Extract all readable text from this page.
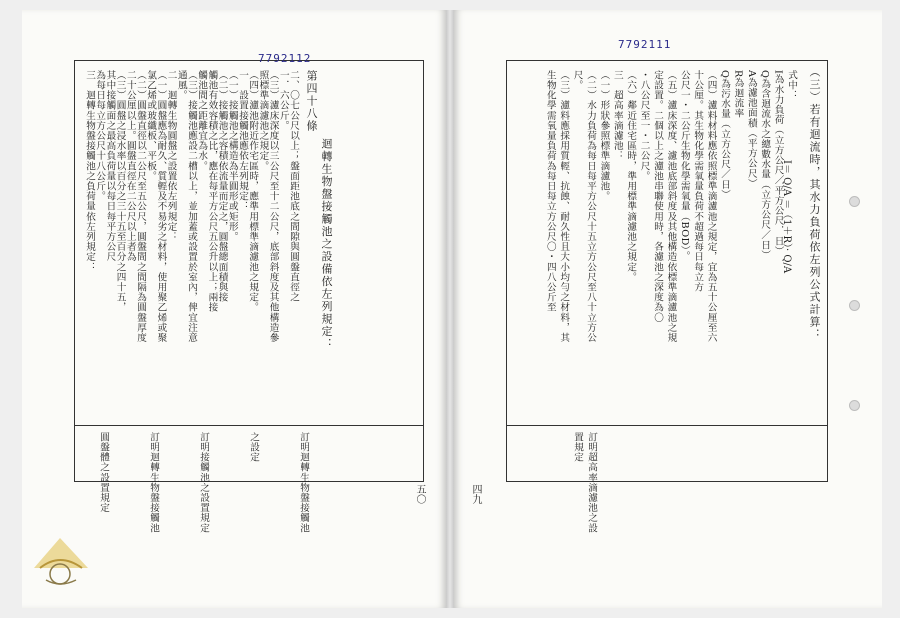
7792112
7792111
第四十八條
迴轉生物盤接觸池之設備依左列規定：
二、〇七公尺以上；盤面距池底之間隙與圓盤直徑之
一．六公斤。
（三）濾床深度以三公尺至十二公尺，底部斜度及其他構造參
照標準滴濾池之規定。
（四）濾池附近作宅區時，應準用標準滴濾池之規定。
一　設置接觸池應依左列規定：
（一）接觸池之構造為半圓形或矩形。
（二）接觸池之容積依流量而定之，圓盤總面積與接
觸池有效容積之比，應在每平方公尺五公升以上；兩接
觸池間之距離宜為水。
（三）接觸池應設二槽以上，並加蓋或設置於室內，俾宜注意
通風。
二　迴轉生物圓盤之設置依左列規定：
（一）圓盤應為耐久、質輕及不易劣之材料，使用聚乙烯或聚
氯乙烯或玻纖板、平板。
（二）圓盤直徑以二公尺至五公尺，圓盤間之間隔為圓盤厚度
二十公厘以上。圓盤直徑在二公尺以上者為
（三）圓盤之浸水率以百分之三十五至百分之四十五，
其中接觸面之最高負荷量以每日每平方公尺
為每日每立方公尺十八公斤。
三　迴轉生物盤接觸池之負荷量依左列規定：
訂明迴轉生物盤接觸池
之設定
訂明接觸池之設置規定
訂明迴轉生物盤接觸池
圓盤體之設置規定
（三）若有迴流時，其水力負荷依左列公式計算：
I＝ Q/A ＝（1＋R）· Q/A
式中：
I為水力負荷（立方公尺／平方公尺．日）
Q為含迴流水之總數水量（立方公尺／日）
A為濾池面積（平方公尺）
R為迴流率
Q為污水量（立方公尺／日）
（四）濾料材料應依照標準滴濾池之規定，宜為五十公厘至六
十公厘。其生物化學需氧量負荷不超過每日每立方
公尺一・二公斤生物化學需氧量（BOD）。
（五）濾床深度、濾池底部斜度及其他構造依標準滴濾池之規
定設置。二個以上之濾池串聯使用時，各濾池之深度為〇
・八公尺至一・二公尺。
（六）鄰近住宅區時，準用標準滴濾池之規定。
三　超高率滴濾池：
（一）形狀參照標準滴濾池。
（二）水力負荷為每日每平方公尺十五立方公尺至八十立方公
尺。
（三）濾料應採用質輕、抗蝕、耐久性且大小均勻之材料，其
生物化學需氧量負荷為每日每立方公尺〇・四八公斤至
訂明超高率滴濾池之設
置規定
五〇	四九
